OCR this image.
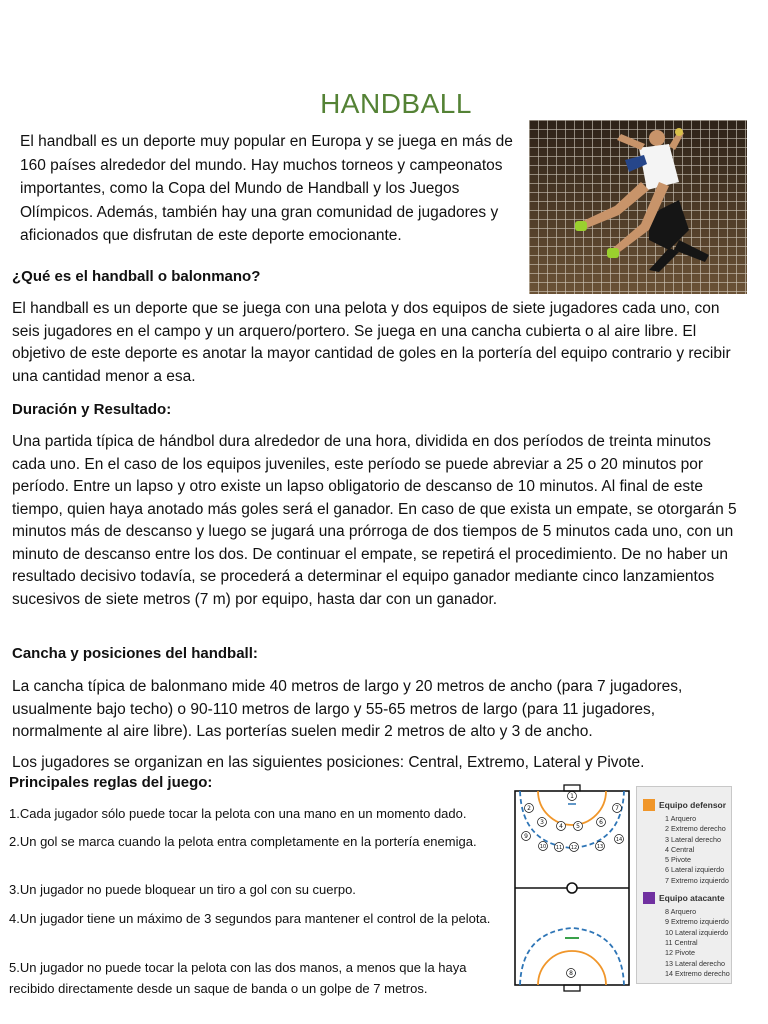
HANDBALL
El handball es un deporte muy popular en Europa y se juega en más de 160 países alrededor del mundo. Hay muchos torneos y campeonatos importantes, como la Copa del Mundo de Handball y los Juegos Olímpicos. Además, también hay una gran comunidad de jugadores y aficionados que disfrutan de este deporte emocionante.
¿Qué es el handball o balonmano?
El handball es un deporte que se juega con una pelota y dos equipos de siete jugadores cada uno, con seis jugadores en el campo y un arquero/portero. Se juega en una cancha cubierta o al aire libre. El objetivo de este deporte es anotar la mayor cantidad de goles en la portería del equipo contrario y recibir una cantidad menor a esa.
Duración y Resultado:
Una partida típica de hándbol dura alrededor de una hora, dividida en dos períodos de treinta minutos cada uno. En el caso de los equipos juveniles, este período se puede abreviar a 25 o 20 minutos por período. Entre un lapso y otro existe un lapso obligatorio de descanso de 10 minutos. Al final de este tiempo, quien haya anotado más goles será el ganador. En caso de que exista un empate, se otorgarán 5 minutos más de descanso y luego se jugará una prórroga de dos tiempos de 5 minutos cada uno, con un minuto de descanso entre los dos. De continuar el empate, se repetirá el procedimiento. De no haber un resultado decisivo todavía, se procederá a determinar el equipo ganador mediante cinco lanzamientos sucesivos de siete metros (7 m) por equipo, hasta dar con un ganador.
Cancha y posiciones del handball:
La cancha típica de balonmano mide 40 metros de largo y 20 metros de ancho (para 7 jugadores, usualmente bajo techo) o 90-110 metros de largo y 55-65 metros de largo (para 11 jugadores, normalmente al aire libre). Las porterías suelen medir 2 metros de alto y 3 de ancho.
Los jugadores se organizan en las siguientes posiciones: Central, Extremo, Lateral y Pivote.
Principales reglas del juego:
1.Cada jugador sólo puede tocar la pelota con una mano en un momento dado.
2.Un gol se marca cuando la pelota entra completamente en la portería enemiga.
3.Un jugador no puede bloquear un tiro a gol con su cuerpo.
4.Un jugador tiene un máximo de 3 segundos para mantener el control de la pelota.
5.Un jugador no puede tocar la pelota con las dos manos, a menos que la haya recibido directamente desde un saque de banda o un golpe de 7 metros.
1
2
3
4 5
6
7
9
10 11 12	13
14
8
Equipo defensor
1 Arquero
2 Extremo derecho
3 Lateral derecho
4 Central
5 Pivote
6 Lateral izquierdo
7 Extremo izquierdo
Equipo atacante
8 Arquero
9 Extremo izquierdo
10 Lateral izquierdo
11 Central
12 Pivote
13 Lateral derecho
14 Extremo derecho
